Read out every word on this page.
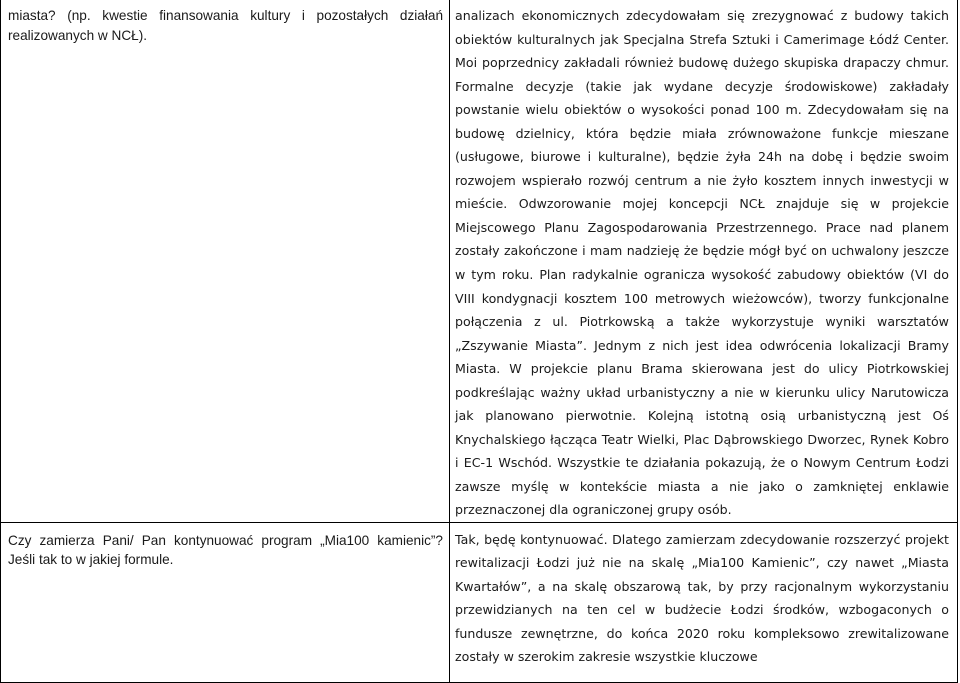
miasta? (np. kwestie finansowania kultury i pozostałych działań realizowanych w NCŁ).	analizach ekonomicznych zdecydowałam się zrezygnować z budowy takich obiektów kulturalnych jak Specjalna Strefa Sztuki i Camerimage Łódź Center. Moi poprzednicy zakładali również budowę dużego skupiska drapaczy chmur. Formalne decyzje (takie jak wydane decyzje środowiskowe) zakładały powstanie wielu obiektów o wysokości ponad 100 m. Zdecydowałam się na budowę dzielnicy, która będzie miała zrównoważone funkcje mieszane (usługowe, biurowe i kulturalne), będzie żyła 24h na dobę i będzie swoim rozwojem wspierało rozwój centrum a nie żyło kosztem innych inwestycji w mieście. Odwzorowanie mojej koncepcji NCŁ znajduje się w projekcie Miejscowego Planu Zagospodarowania Przestrzennego. Prace nad planem zostały zakończone i mam nadzieję że będzie mógł być on uchwalony jeszcze w tym roku. Plan radykalnie ogranicza wysokość zabudowy obiektów (VI do VIII kondygnacji kosztem 100 metrowych wieżowców), tworzy funkcjonalne połączenia z ul. Piotrkowską a także wykorzystuje wyniki warsztatów „Zszywanie Miasta”. Jednym z nich jest idea odwrócenia lokalizacji Bramy Miasta. W projekcie planu Brama skierowana jest do ulicy Piotrkowskiej podkreślając ważny układ urbanistyczny a nie w kierunku ulicy Narutowicza jak planowano pierwotnie. Kolejną istotną osią urbanistyczną jest Oś Knychalskiego łącząca Teatr Wielki, Plac Dąbrowskiego Dworzec, Rynek Kobro i EC-1 Wschód. Wszystkie te działania pokazują, że o Nowym Centrum Łodzi zawsze myślę w kontekście miasta a nie jako o zamkniętej enklawie przeznaczonej dla ograniczonej grupy osób.

Czy zamierza Pani/ Pan kontynuować program „Mia100 kamienic”? Jeśli tak to w jakiej formule.	Tak, będę kontynuować. Dlatego zamierzam zdecydowanie rozszerzyć projekt rewitalizacji Łodzi już nie na skalę „Mia100 Kamienic”, czy nawet „Miasta Kwartałów”, a na skalę obszarową tak, by przy racjonalnym wykorzystaniu przewidzianych na ten cel w budżecie Łodzi środków, wzbogaconych o fundusze zewnętrzne, do końca 2020 roku kompleksowo zrewitalizowane zostały w szerokim zakresie wszystkie kluczowe
